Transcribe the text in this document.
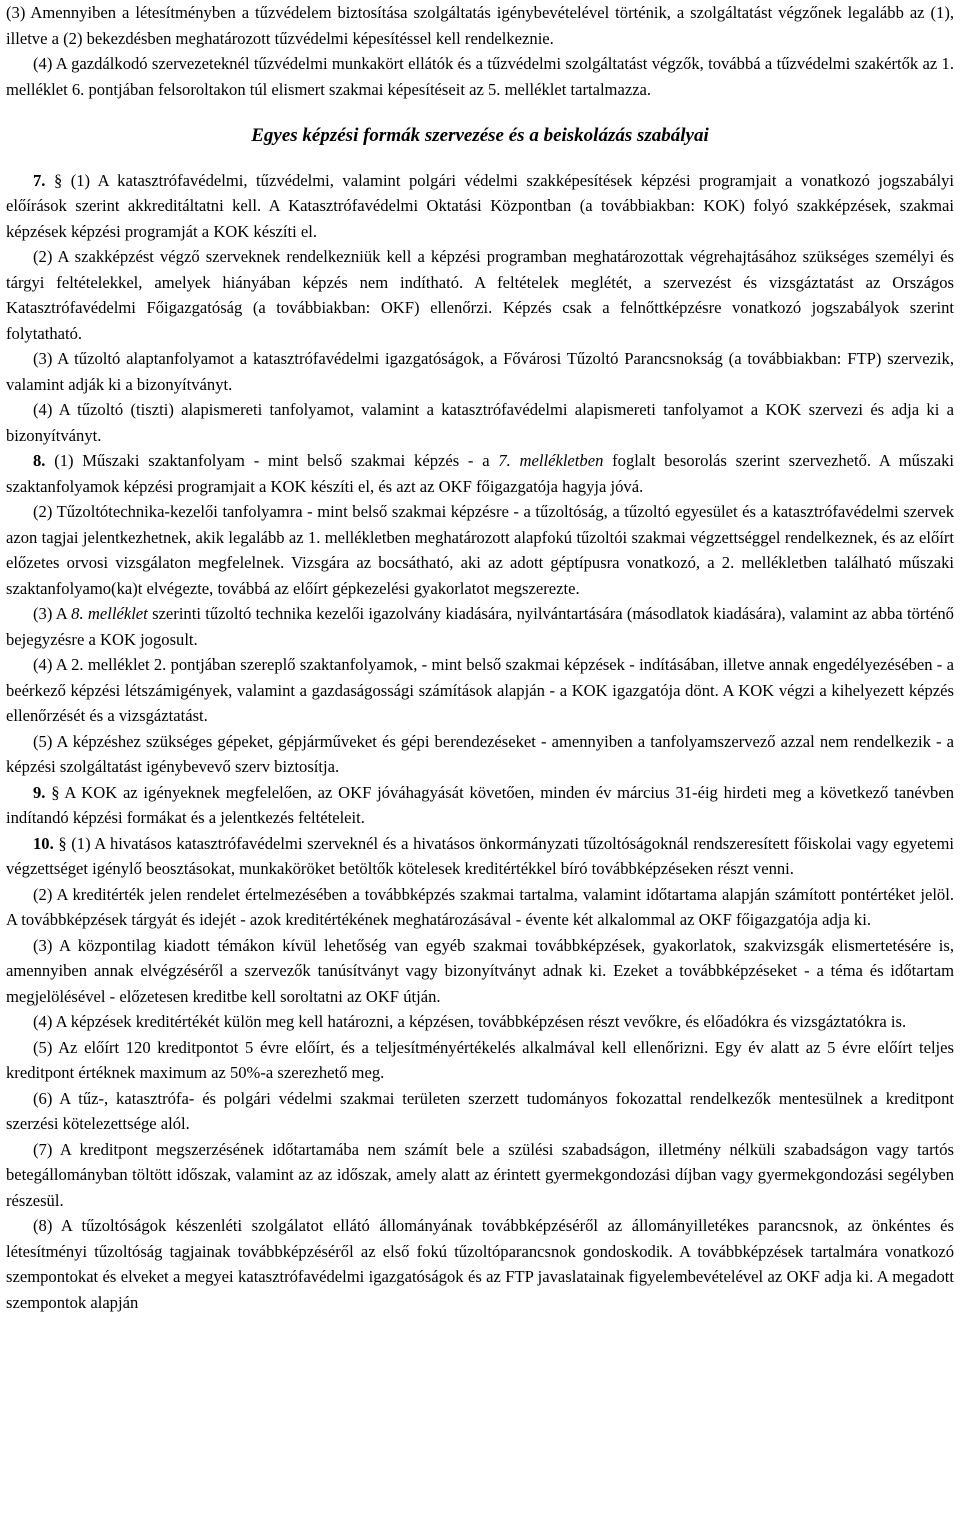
(3) Amennyiben a létesítményben a tűzvédelem biztosítása szolgáltatás igénybevételével történik, a szolgáltatást végzőnek legalább az (1), illetve a (2) bekezdésben meghatározott tűzvédelmi képesítéssel kell rendelkeznie.

(4) A gazdálkodó szervezeteknél tűzvédelmi munkakört ellátók és a tűzvédelmi szolgáltatást végzők, továbbá a tűzvédelmi szakértők az 1. melléklet 6. pontjában felsoroltakon túl elismert szakmai képesítéseit az 5. melléklet tartalmazza.

Egyes képzési formák szervezése és a beiskolázás szabályai

7. § (1) A katasztrófavédelmi, tűzvédelmi, valamint polgári védelmi szakképesítések képzési programjait a vonatkozó jogszabályi előírások szerint akkreditáltatni kell. A Katasztrófavédelmi Oktatási Központban (a továbbiakban: KOK) folyó szakképzések, szakmai képzések képzési programját a KOK készíti el.

(2) A szakképzést végző szerveknek rendelkezniük kell a képzési programban meghatározottak végrehajtásához szükséges személyi és tárgyi feltételekkel, amelyek hiányában képzés nem indítható. A feltételek meglétét, a szervezést és vizsgáztatást az Országos Katasztrófavédelmi Főigazgatóság (a továbbiakban: OKF) ellenőrzi. Képzés csak a felnőttképzésre vonatkozó jogszabályok szerint folytatható.

(3) A tűzoltó alaptanfolyamot a katasztrófavédelmi igazgatóságok, a Fővárosi Tűzoltó Parancsnokság (a továbbiakban: FTP) szervezik, valamint adják ki a bizonyítványt.

(4) A tűzoltó (tiszti) alapismereti tanfolyamot, valamint a katasztrófavédelmi alapismereti tanfolyamot a KOK szervezi és adja ki a bizonyítványt.

8. (1) Műszaki szaktanfolyam - mint belső szakmai képzés - a 7. mellékletben foglalt besorolás szerint szervezhető. A műszaki szaktanfolyamok képzési programjait a KOK készíti el, és azt az OKF főigazgatója hagyja jóvá.

(2) Tűzoltótechnika-kezelői tanfolyamra - mint belső szakmai képzésre - a tűzoltóság, a tűzoltó egyesület és a katasztrófavédelmi szervek azon tagjai jelentkezhetnek, akik legalább az 1. mellékletben meghatározott alapfokú tűzoltói szakmai végzettséggel rendelkeznek, és az előírt előzetes orvosi vizsgálaton megfelelnek. Vizsgára az bocsátható, aki az adott géptípusra vonatkozó, a 2. mellékletben található műszaki szaktanfolyamo(ka)t elvégezte, továbbá az előírt gépkezelési gyakorlatot megszerezte.

(3) A 8. melléklet szerinti tűzoltó technika kezelői igazolvány kiadására, nyilvántartására (másodlatok kiadására), valamint az abba történő bejegyzésre a KOK jogosult.

(4) A 2. melléklet 2. pontjában szereplő szaktanfolyamok, - mint belső szakmai képzések - indításában, illetve annak engedélyezésében - a beérkező képzési létszámigények, valamint a gazdaságossági számítások alapján - a KOK igazgatója dönt. A KOK végzi a kihelyezett képzés ellenőrzését és a vizsgáztatást.

(5) A képzéshez szükséges gépeket, gépjárműveket és gépi berendezéseket - amennyiben a tanfolyamszervező azzal nem rendelkezik - a képzési szolgáltatást igénybevevő szerv biztosítja.

9. § A KOK az igényeknek megfelelően, az OKF jóváhagyását követően, minden év március 31-éig hirdeti meg a következő tanévben indítandó képzési formákat és a jelentkezés feltételeit.

10. § (1) A hivatásos katasztrófavédelmi szerveknél és a hivatásos önkormányzati tűzoltóságoknál rendszeresített főiskolai vagy egyetemi végzettséget igénylő beosztásokat, munkaköröket betöltők kötelesek kreditértékkel bíró továbbképzéseken részt venni.

(2) A kreditérték jelen rendelet értelmezésében a továbbképzés szakmai tartalma, valamint időtartama alapján számított pontértéket jelöl. A továbbképzések tárgyát és idejét - azok kreditértékének meghatározásával - évente két alkalommal az OKF főigazgatója adja ki.

(3) A központilag kiadott témákon kívül lehetőség van egyéb szakmai továbbképzések, gyakorlatok, szakvizsgák elismertetésére is, amennyiben annak elvégzéséről a szervezők tanúsítványt vagy bizonyítványt adnak ki. Ezeket a továbbképzéseket - a téma és időtartam megjelölésével - előzetesen kreditbe kell soroltatni az OKF útján.

(4) A képzések kreditértékét külön meg kell határozni, a képzésen, továbbképzésen részt vevőkre, és előadókra és vizsgáztatókra is.

(5) Az előírt 120 kreditpontot 5 évre előírt, és a teljesítményértékelés alkalmával kell ellenőrizni. Egy év alatt az 5 évre előírt teljes kreditpont értéknek maximum az 50%-a szerezhető meg.

(6) A tűz-, katasztrófa- és polgári védelmi szakmai területen szerzett tudományos fokozattal rendelkezők mentesülnek a kreditpont szerzési kötelezettsége alól.

(7) A kreditpont megszerzésének időtartamába nem számít bele a szülési szabadságon, illetmény nélküli szabadságon vagy tartós betegállományban töltött időszak, valamint az az időszak, amely alatt az érintett gyermekgondozási díjban vagy gyermekgondozási segélyben részesül.

(8) A tűzoltóságok készenléti szolgálatot ellátó állományának továbbképzéséről az állományilletékes parancsnok, az önkéntes és létesítményi tűzoltóság tagjainak továbbképzéséről az első fokú tűzoltóparancsnok gondoskodik. A továbbképzések tartalmára vonatkozó szempontokat és elveket a megyei katasztrófavédelmi igazgatóságok és az FTP javaslatainak figyelembevételével az OKF adja ki. A megadott szempontok alapján
